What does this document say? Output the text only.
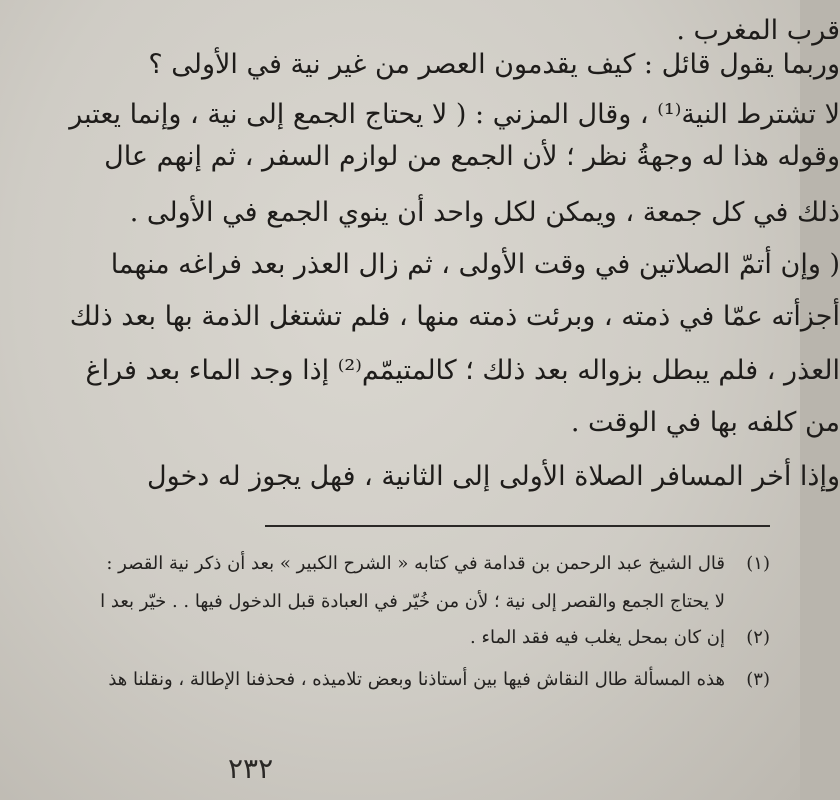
قرب المغرب .
وربما يقول قائل : كيف يقدمون العصر من غير نية في الأولى ؟
لا تشترط النية⁽¹⁾ ، وقال المزني : ( لا يحتاج الجمع إلى نية ، وإنما يعتبر
وقوله هذا له وجهةُ نظر ؛ لأن الجمع من لوازم السفر ، ثم إنهم عال
ذلك في كل جمعة ، ويمكن لكل واحد أن ينوي الجمع في الأولى .
( وإن أتمّ الصلاتين في وقت الأولى ، ثم زال العذر بعد فراغه منهما
أجزأته عمّا في ذمته ، وبرئت ذمته منها ، فلم تشتغل الذمة بها بعد ذلك
العذر ، فلم يبطل بزواله بعد ذلك ؛ كالمتيمّم⁽²⁾ إذا وجد الماء بعد فراغ
من كلفه بها في الوقت .
وإذا أخر المسافر الصلاة الأولى إلى الثانية ، فهل يجوز له دخول
(١)
قال الشيخ عبد الرحمن بن قدامة في كتابه « الشرح الكبير » بعد أن ذكر نية القصر :
لا يحتاج الجمع والقصر إلى نية ؛ لأن من خُيّر في العبادة قبل الدخول فيها . . خيّر بعد ا
(٢)
إن كان بمحل يغلب فيه فقد الماء .
(٣)
هذه المسألة طال النقاش فيها بين أستاذنا وبعض تلاميذه ، فحذفنا الإطالة ، ونقلنا هذ
٢٣٢
